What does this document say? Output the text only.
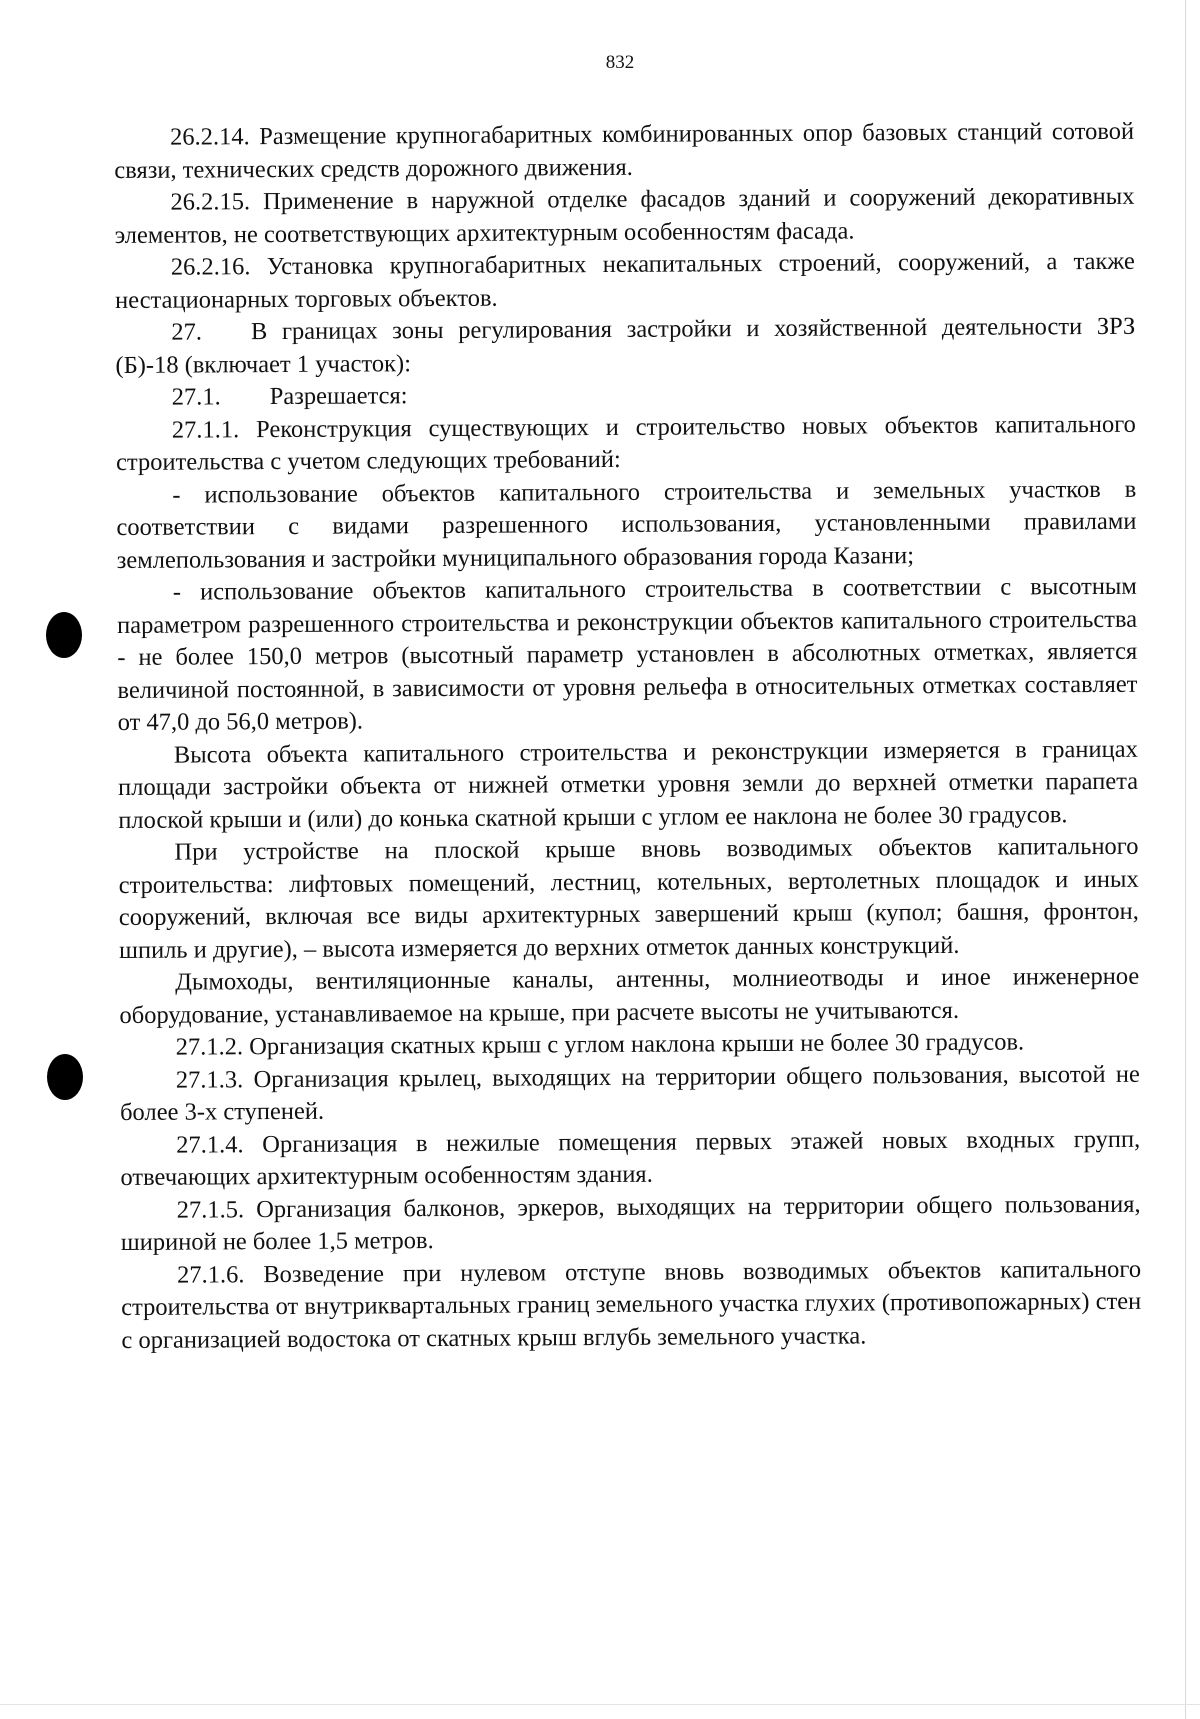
832

26.2.14. Размещение крупногабаритных комбинированных опор базовых станций сотовой связи, технических средств дорожного движения.

26.2.15. Применение в наружной отделке фасадов зданий и сооружений декоративных элементов, не соответствующих архитектурным особенностям фасада.

26.2.16. Установка крупногабаритных некапитальных строений, сооружений, а также нестационарных торговых объектов.

27.  В границах зоны регулирования застройки и хозяйственной деятельности ЗРЗ (Б)-18 (включает 1 участок):

27.1.  Разрешается:

27.1.1. Реконструкция существующих и строительство новых объектов капитального строительства с учетом следующих требований:

- использование объектов капитального строительства и земельных участков в соответствии с видами разрешенного использования, установленными правилами землепользования и застройки муниципального образования города Казани;

- использование объектов капитального строительства в соответствии с высотным параметром разрешенного строительства и реконструкции объектов капитального строительства - не более 150,0 метров (высотный параметр установлен в абсолютных отметках, является величиной постоянной, в зависимости от уровня рельефа в относительных отметках составляет от 47,0 до 56,0 метров).

Высота объекта капитального строительства и реконструкции измеряется в границах площади застройки объекта от нижней отметки уровня земли до верхней отметки парапета плоской крыши и (или) до конька скатной крыши с углом ее наклона не более 30 градусов.

При устройстве на плоской крыше вновь возводимых объектов капитального строительства: лифтовых помещений, лестниц, котельных, вертолетных площадок и иных сооружений, включая все виды архитектурных завершений крыш (купол; башня, фронтон, шпиль и другие), – высота измеряется до верхних отметок данных конструкций.

Дымоходы, вентиляционные каналы, антенны, молниеотводы и иное инженерное оборудование, устанавливаемое на крыше, при расчете высоты не учитываются.

27.1.2. Организация скатных крыш с углом наклона крыши не более 30 градусов.

27.1.3. Организация крылец, выходящих на территории общего пользования, высотой не более 3-х ступеней.

27.1.4. Организация в нежилые помещения первых этажей новых входных групп, отвечающих архитектурным особенностям здания.

27.1.5. Организация балконов, эркеров, выходящих на территории общего пользования, шириной не более 1,5 метров.

27.1.6. Возведение при нулевом отступе вновь возводимых объектов капитального строительства от внутриквартальных границ земельного участка глухих (противопожарных) стен с организацией водостока от скатных крыш вглубь земельного участка.
